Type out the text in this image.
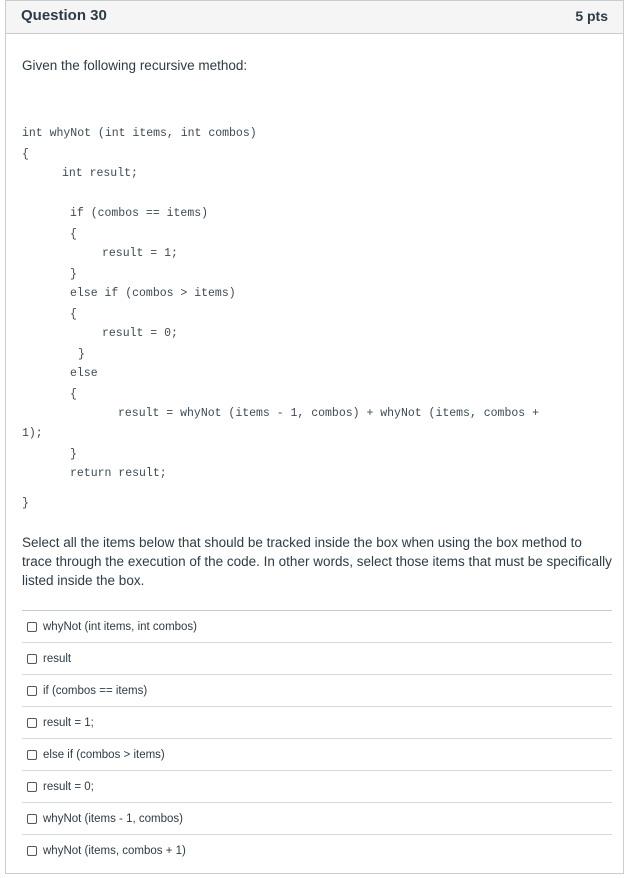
Question 30	5 pts
Given the following recursive method:
int whyNot (int items, int combos)
{
int result;
if (combos == items)
{
result = 1;
}
else if (combos > items)
{
result = 0;
}
else
{
result = whyNot (items - 1, combos) + whyNot (items, combos +
1);
}
return result;
}
Select all the items below that should be tracked inside the box when using the box method to trace through the execution of the code. In other words, select those items that must be specifically listed inside the box.
whyNot (int items, int combos)
result
if (combos == items)
result = 1;
else if (combos > items)
result = 0;
whyNot (items - 1, combos)
whyNot (items, combos + 1)
